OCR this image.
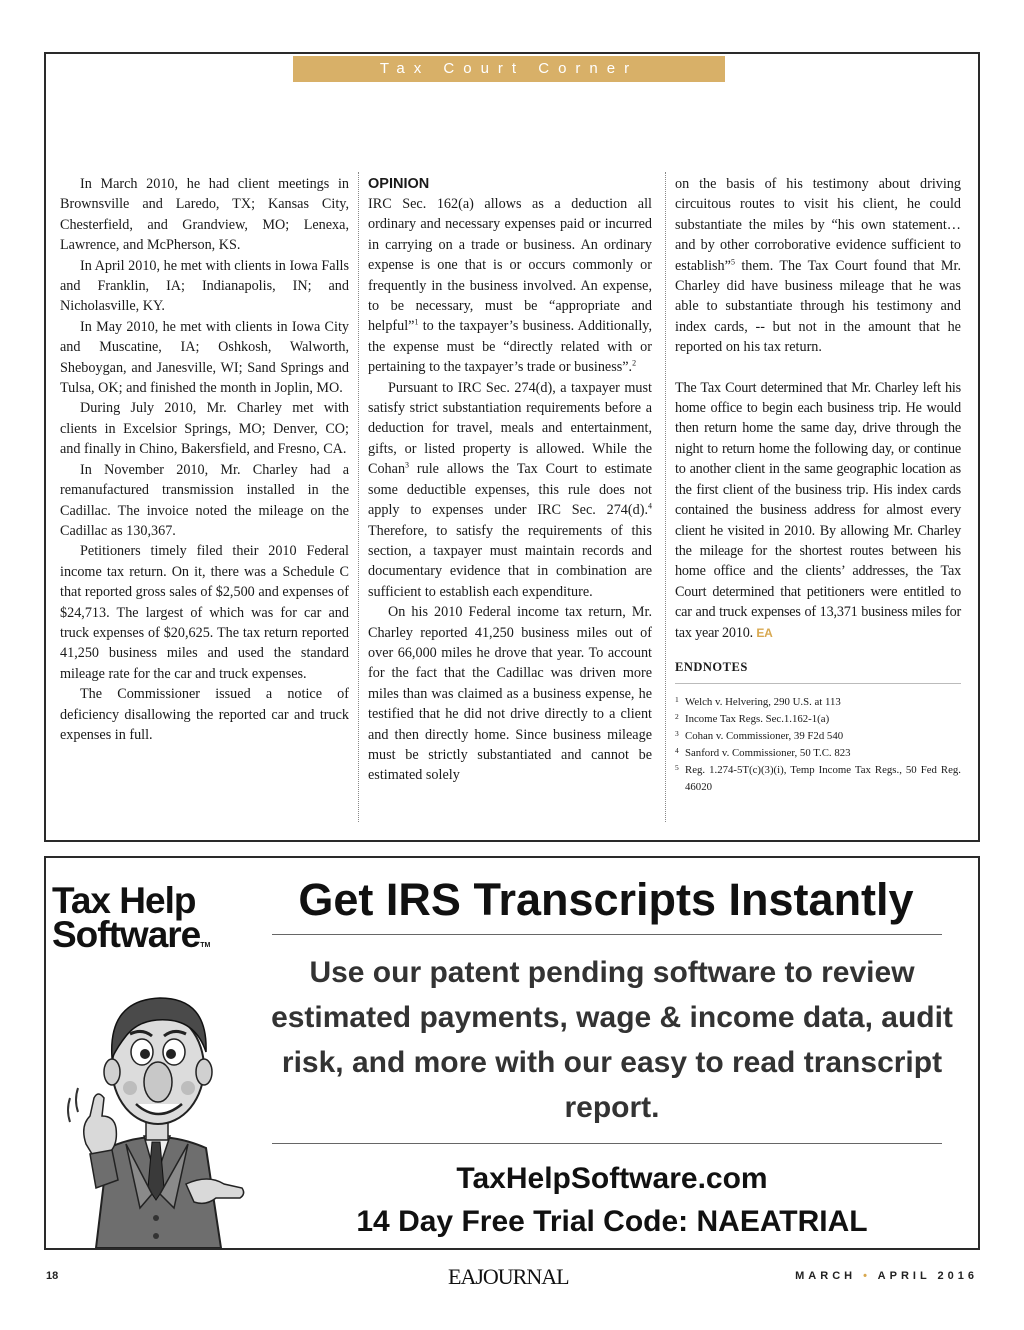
Tax Court Corner

In March 2010, he had client meetings in Brownsville and Laredo, TX; Kansas City, Chesterfield, and Grandview, MO; Lenexa, Lawrence, and McPherson, KS.

In April 2010, he met with clients in Iowa Falls and Franklin, IA; Indianapolis, IN; and Nicholasville, KY.

In May 2010, he met with clients in Iowa City and Muscatine, IA; Oshkosh, Walworth, Sheboygan, and Janesville, WI; Sand Springs and Tulsa, OK; and finished the month in Joplin, MO.

During July 2010, Mr. Charley met with clients in Excelsior Springs, MO; Denver, CO; and finally in Chino, Bakersfield, and Fresno, CA.

In November 2010, Mr. Charley had a remanufactured transmission installed in the Cadillac. The invoice noted the mileage on the Cadillac as 130,367.

Petitioners timely filed their 2010 Federal income tax return. On it, there was a Schedule C that reported gross sales of $2,500 and expenses of $24,713. The largest of which was for car and truck expenses of $20,625. The tax return reported 41,250 business miles and used the standard mileage rate for the car and truck expenses.

The Commissioner issued a notice of deficiency disallowing the reported car and truck expenses in full.

OPINION

IRC Sec. 162(a) allows as a deduction all ordinary and necessary expenses paid or incurred in carrying on a trade or business. An ordinary expense is one that is or occurs commonly or frequently in the business involved. An expense, to be necessary, must be “appropriate and helpful”$^1$ to the taxpayer’s business. Additionally, the expense must be “directly related with or pertaining to the taxpayer’s trade or business”.$^2$

Pursuant to IRC Sec. 274(d), a taxpayer must satisfy strict substantiation requirements before a deduction for travel, meals and entertainment, gifts, or listed property is allowed. While the Cohan$^3$ rule allows the Tax Court to estimate some deductible expenses, this rule does not apply to expenses under IRC Sec. 274(d).$^4$ Therefore, to satisfy the requirements of this section, a taxpayer must maintain records and documentary evidence that in combination are sufficient to establish each expenditure.

On his 2010 Federal income tax return, Mr. Charley reported 41,250 business miles out of over 66,000 miles he drove that year. To account for the fact that the Cadillac was driven more miles than was claimed as a business expense, he testified that he did not drive directly to a client and then directly home. Since business mileage must be strictly substantiated and cannot be estimated solely

on the basis of his testimony about driving circuitous routes to visit his client, he could substantiate the miles by “his own statement… and by other corroborative evidence sufficient to establish”$^5$ them. The Tax Court found that Mr. Charley did have business mileage that he was able to substantiate through his testimony and index cards, -- but not in the amount that he reported on his tax return.

The Tax Court determined that Mr. Charley left his home office to begin each business trip. He would then return home the same day, drive through the night to return home the following day, or continue to another client in the same geographic location as the first client of the business trip. His index cards contained the business address for almost every client he visited in 2010. By allowing Mr. Charley the mileage for the shortest routes between his home office and the clients’ addresses, the Tax Court determined that petitioners were entitled to car and truck expenses of 13,371 business miles for tax year 2010. EA

ENDNOTES
1 Welch v. Helvering, 290 U.S. at 113
2 Income Tax Regs. Sec.1.162-1(a)
3 Cohan v. Commissioner, 39 F2d 540
4 Sanford v. Commissioner, 50 T.C. 823
5 Reg. 1.274-5T(c)(3)(i), Temp Income Tax Regs., 50 Fed Reg. 46020
Tax Help
SoftwareTM
Get IRS Transcripts Instantly
Use our patent pending software to review estimated payments, wage & income data, audit risk, and more with our easy to read transcript report.
TaxHelpSoftware.com
14 Day Free Trial Code: NAEATRIAL
18	EAJOURNAL	MARCH • APRIL 2016
